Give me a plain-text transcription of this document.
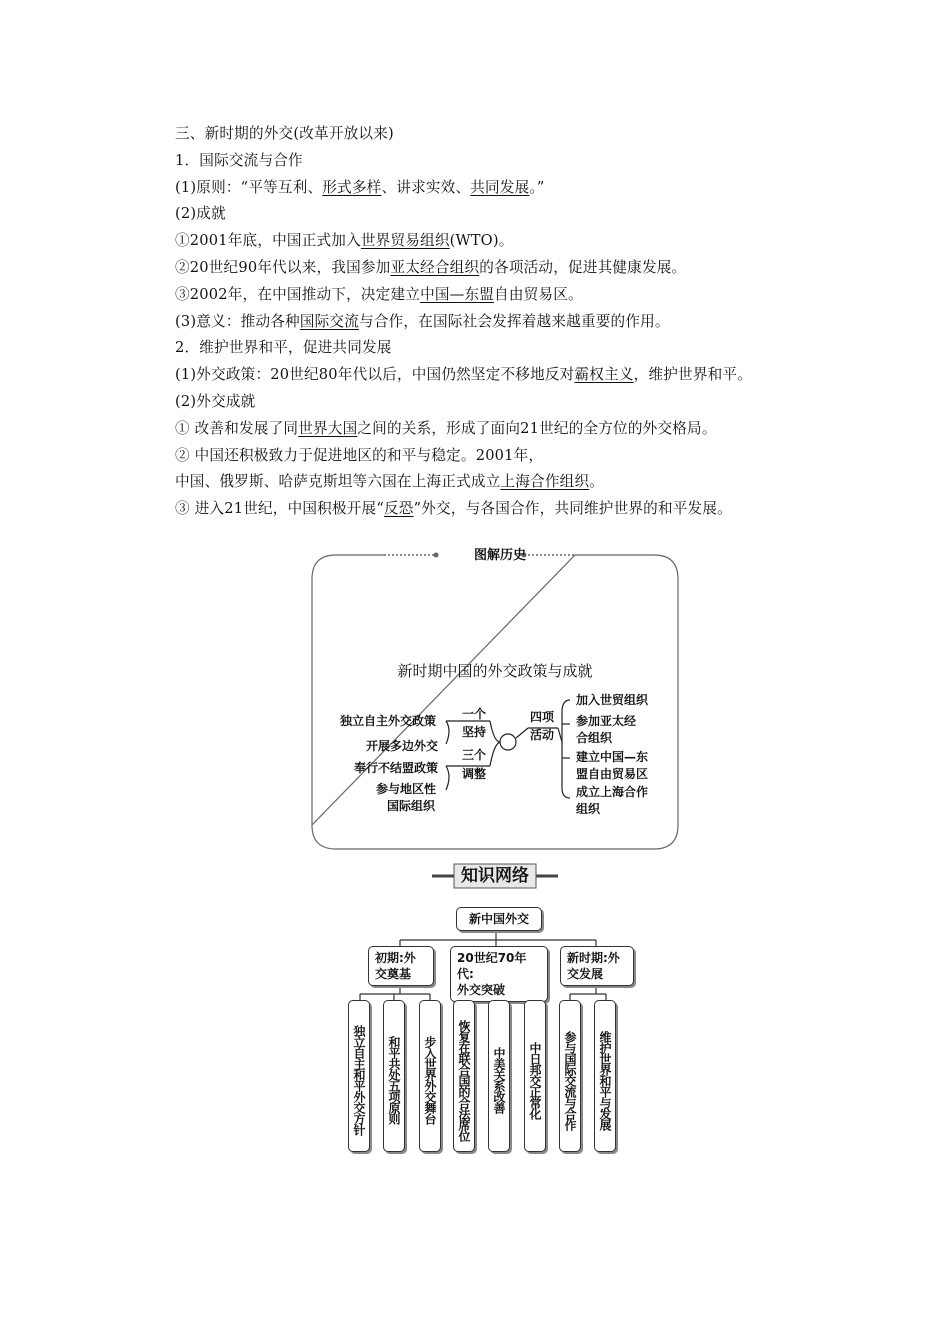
三、新时期的外交(改革开放以来)
1．国际交流与合作
(1)原则：“平等互利、形式多样、讲求实效、共同发展。”
(2)成就
①2001年底，中国正式加入世界贸易组织(WTO)。
②20世纪90年代以来，我国参加亚太经合组织的各项活动，促进其健康发展。
③2002年，在中国推动下，决定建立中国—东盟自由贸易区。
(3)意义：推动各种国际交流与合作，在国际社会发挥着越来越重要的作用。
2．维护世界和平，促进共同发展
(1)外交政策：20世纪80年代以后，中国仍然坚定不移地反对霸权主义，维护世界和平。
(2)外交成就
① 改善和发展了同世界大国之间的关系，形成了面向21世纪的全方位的外交格局。
② 中国还积极致力于促进地区的和平与稳定。2001年，
中国、俄罗斯、哈萨克斯坦等六国在上海正式成立上海合作组织。
③ 进入21世纪，中国积极开展“反恐”外交，与各国合作，共同维护世界的和平发展。
图解历史
新时期中国的外交政策与成就
独立自主外交政策
开展多边外交
奉行不结盟政策
参与地区性
国际组织
一个
坚持
三个
调整
四项
活动
加入世贸组织
参加亚太经
合组织
建立中国—东
盟自由贸易区
成立上海合作
组织
知识网络
新中国外交
初期:外
交奠基
20世纪70年代:
外交突破
新时期:外
交发展
独立自主和平外交方针	和平共处五项原则	步入世界外交舞台	恢复在联合国的合法席位	中美关系改善	中日邦交正常化	参与国际交流与合作	维护世界和平与发展
